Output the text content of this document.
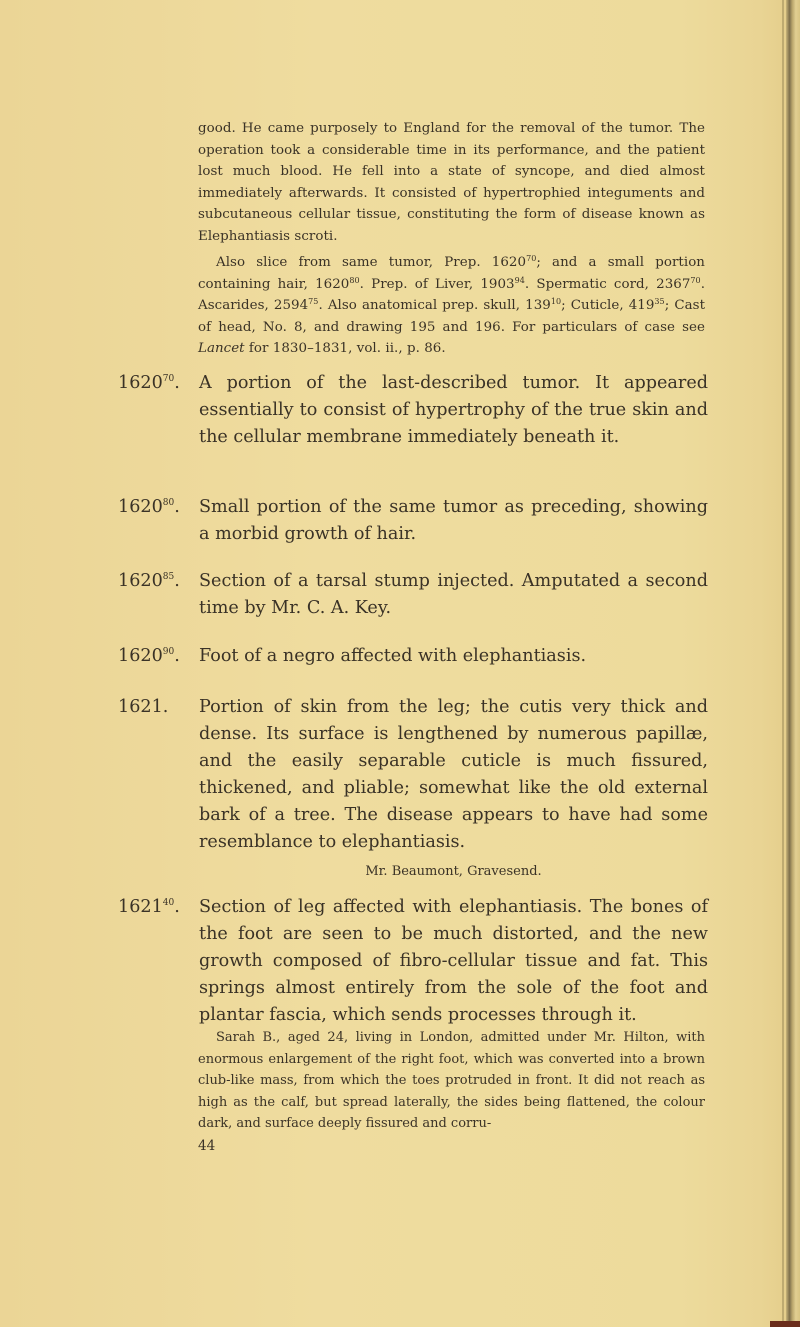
good. He came purposely to England for the removal of the tumor. The operation took a considerable time in its performance, and the patient lost much blood. He fell into a state of syncope, and died almost immediately afterwards. It consisted of hypertrophied integuments and subcutaneous cellular tissue, constituting the form of disease known as Elephantiasis scroti.

Also slice from same tumor, Prep. 1620$^{70}$; and a small portion containing hair, 1620$^{80}$. Prep. of Liver, 1903$^{94}$. Spermatic cord, 2367$^{70}$. Ascarides, 2594$^{75}$. Also anatomical prep. skull, $139^{10}$; Cuticle, $419^{35}$; Cast of head, No. 8, and drawing 195 and 196. For particulars of case see Lancet for 1830–1831, vol. ii., p. 86.

1620$^{70}$. A portion of the last-described tumor. It appeared essentially to consist of hypertrophy of the true skin and the cellular membrane immediately beneath it.
1620$^{80}$. Small portion of the same tumor as preceding, showing a morbid growth of hair.
1620$^{85}$. Section of a tarsal stump injected. Amputated a second time by Mr. C. A. Key.
1620$^{90}$. Foot of a negro affected with elephantiasis.
1621. Portion of skin from the leg; the cutis very thick and dense. Its surface is lengthened by numerous papillæ, and the easily separable cuticle is much fissured, thickened, and pliable; somewhat like the old external bark of a tree. The disease appears to have had some resemblance to elephantiasis.
Mr. Beaumont, Gravesend.
1621$^{40}$. Section of leg affected with elephantiasis. The bones of the foot are seen to be much distorted, and the new growth composed of fibro-cellular tissue and fat. This springs almost entirely from the sole of the foot and plantar fascia, which sends processes through it.
Sarah B., aged 24, living in London, admitted under Mr. Hilton, with enormous enlargement of the right foot, which was converted into a brown club-like mass, from which the toes protruded in front. It did not reach as high as the calf, but spread laterally, the sides being flattened, the colour dark, and surface deeply fissured and corru-
44
